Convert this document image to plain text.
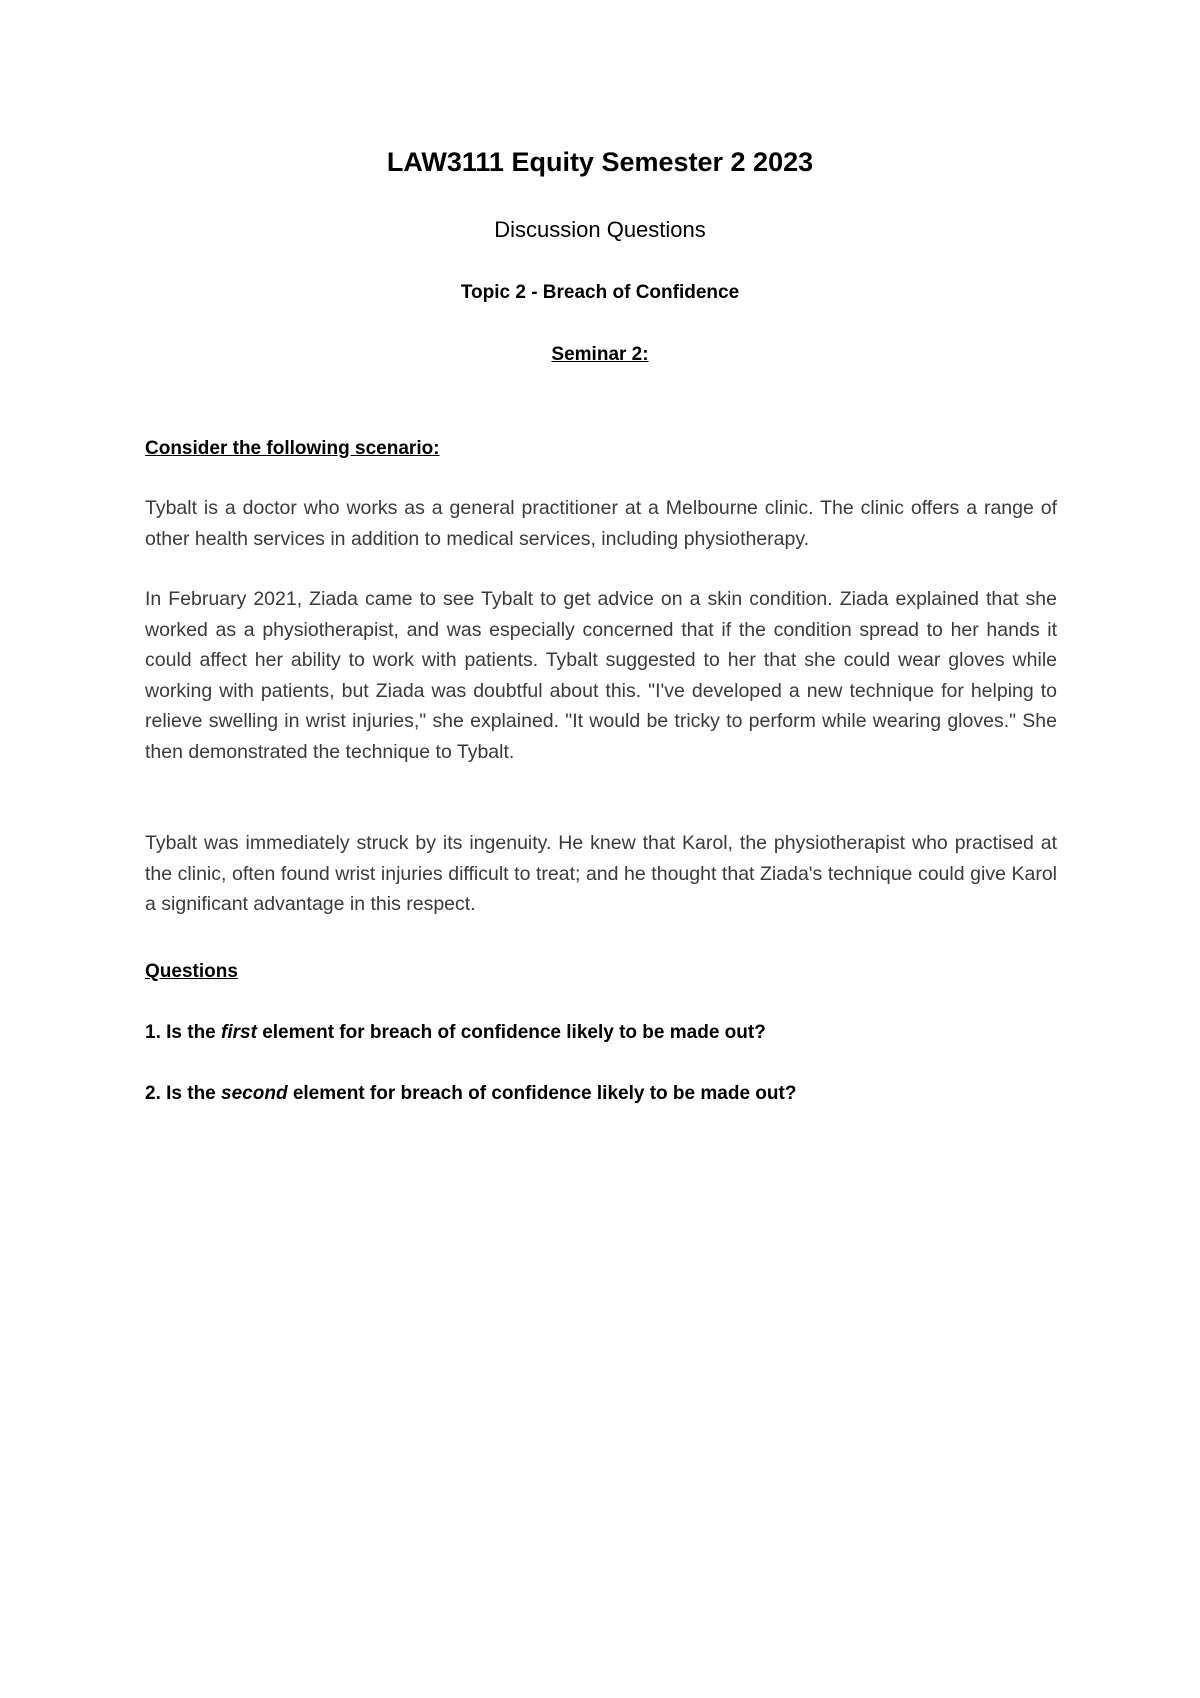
LAW3111 Equity Semester 2 2023
Discussion Questions
Topic 2 - Breach of Confidence
Seminar 2:
Consider the following scenario:

Tybalt is a doctor who works as a general practitioner at a Melbourne clinic. The clinic offers a range of other health services in addition to medical services, including physiotherapy.

In February 2021, Ziada came to see Tybalt to get advice on a skin condition. Ziada explained that she worked as a physiotherapist, and was especially concerned that if the condition spread to her hands it could affect her ability to work with patients. Tybalt suggested to her that she could wear gloves while working with patients, but Ziada was doubtful about this. "I've developed a new technique for helping to relieve swelling in wrist injuries," she explained. "It would be tricky to perform while wearing gloves." She then demonstrated the technique to Tybalt.

Tybalt was immediately struck by its ingenuity. He knew that Karol, the physiotherapist who practised at the clinic, often found wrist injuries difficult to treat; and he thought that Ziada's technique could give Karol a significant advantage in this respect.

Questions

1. Is the first element for breach of confidence likely to be made out?

2. Is the second element for breach of confidence likely to be made out?
